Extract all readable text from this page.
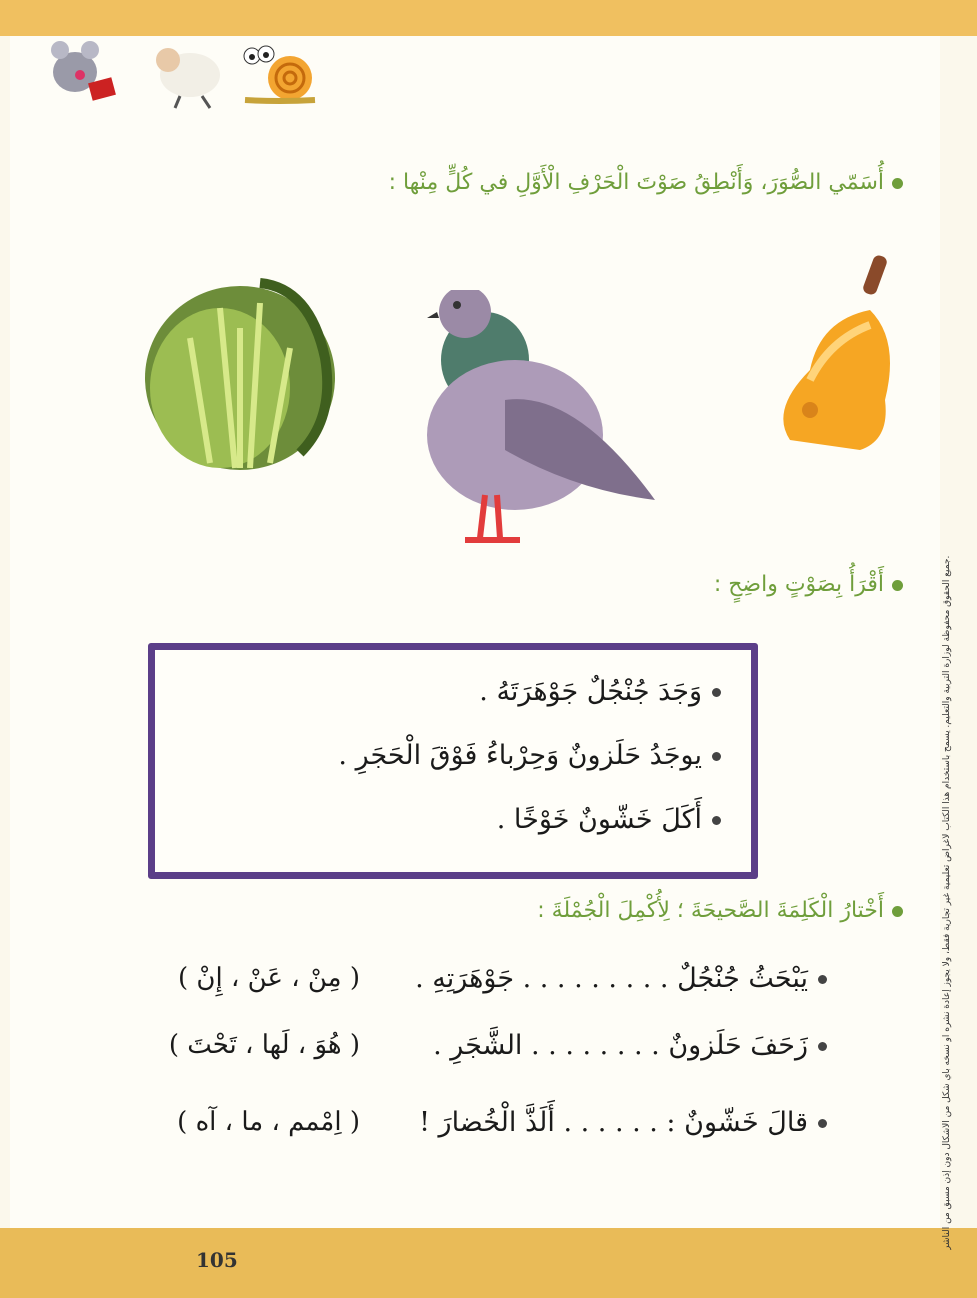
أُسَمّي الصُّوَرَ، وَأَنْطِقُ صَوْتَ الْحَرْفِ الْأَوَّلِ في كُلٍّ مِنْها :
أَقْرَأُ بِصَوْتٍ واضِحٍ :
وَجَدَ جُنْجُلٌ جَوْهَرَتَهُ .
يوجَدُ حَلَزونٌ وَحِرْباءُ فَوْقَ الْحَجَرِ .
أَكَلَ خَشّونٌ خَوْخًا .
أَخْتارُ الْكَلِمَةَ الصَّحيحَةَ ؛ لِأُكْمِلَ الْجُمْلَةَ :
يَبْحَثُ جُنْجُلٌ . . . . . . . . . جَوْهَرَتِهِ .
( مِنْ ، عَنْ ، إِنْ )
زَحَفَ حَلَزونٌ . . . . . . . . الشَّجَرِ .
( هُوَ ، لَها ، تَحْتَ )
قالَ خَشّونٌ : . . . . . . أَلَذَّ الْخُضارَ !
( اِمْمم ، ما ، آه )
105
جميع الحقوق محفوظة لوزارة التربية والتعليم. يسمح باستخدام هذا الكتاب لأغراض تعليمية غير تجارية فقط، ولا يجوز إعادة نشره أو نسخه بأي شكل من الأشكال دون إذن مسبق من الناشر.
